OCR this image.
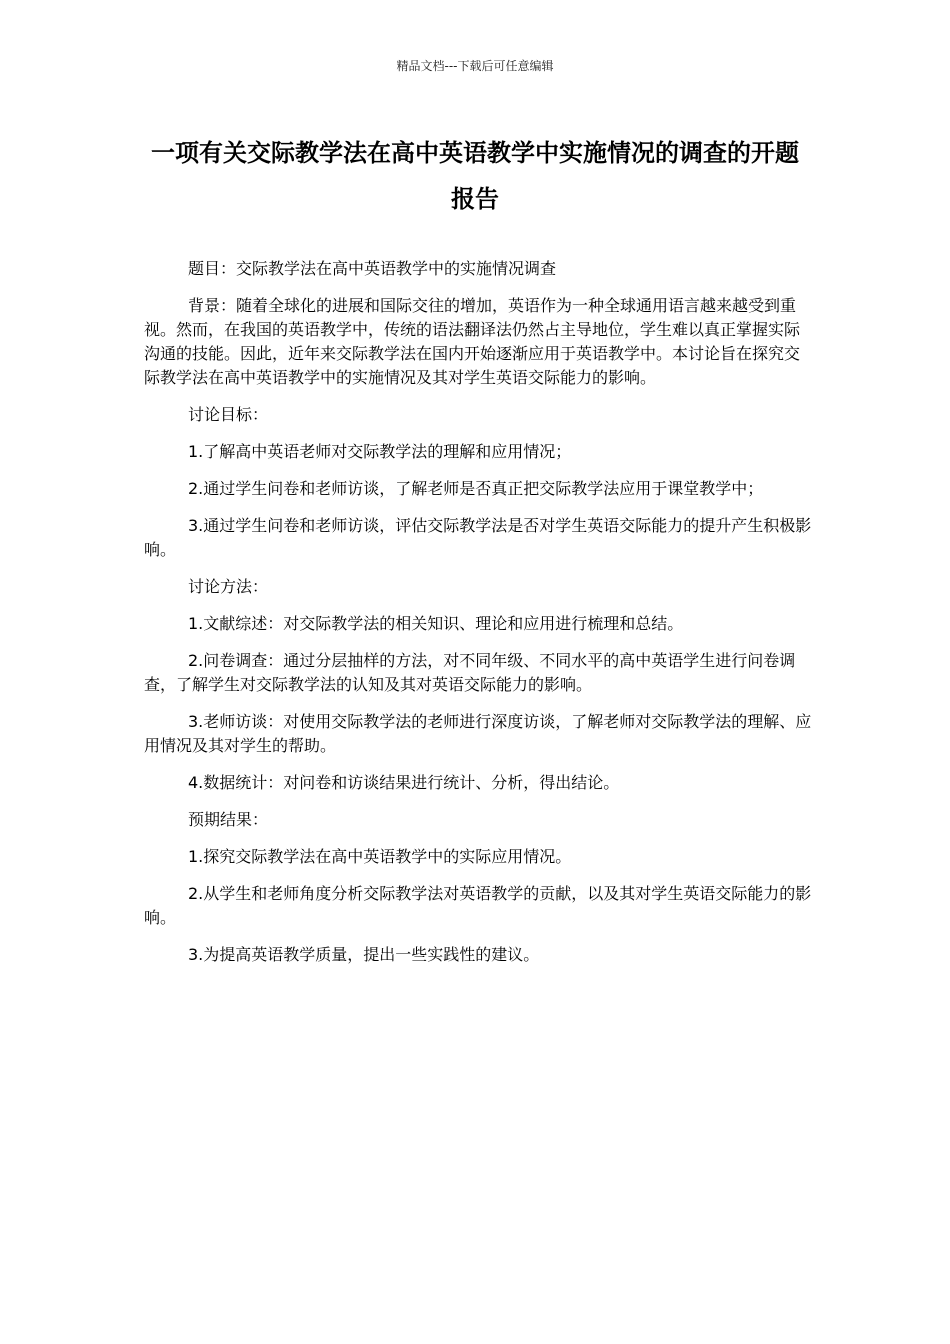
精品文档---下载后可任意编辑
一项有关交际教学法在高中英语教学中实施情况的调查的开题报告

题目：交际教学法在高中英语教学中的实施情况调查

背景：随着全球化的进展和国际交往的增加，英语作为一种全球通用语言越来越受到重视。然而，在我国的英语教学中，传统的语法翻译法仍然占主导地位，学生难以真正掌握实际沟通的技能。因此，近年来交际教学法在国内开始逐渐应用于英语教学中。本讨论旨在探究交际教学法在高中英语教学中的实施情况及其对学生英语交际能力的影响。

讨论目标：

1.了解高中英语老师对交际教学法的理解和应用情况；

2.通过学生问卷和老师访谈，了解老师是否真正把交际教学法应用于课堂教学中；

3.通过学生问卷和老师访谈，评估交际教学法是否对学生英语交际能力的提升产生积极影响。

讨论方法：

1.文献综述：对交际教学法的相关知识、理论和应用进行梳理和总结。

2.问卷调查：通过分层抽样的方法，对不同年级、不同水平的高中英语学生进行问卷调查，了解学生对交际教学法的认知及其对英语交际能力的影响。

3.老师访谈：对使用交际教学法的老师进行深度访谈，了解老师对交际教学法的理解、应用情况及其对学生的帮助。

4.数据统计：对问卷和访谈结果进行统计、分析，得出结论。

预期结果：

1.探究交际教学法在高中英语教学中的实际应用情况。

2.从学生和老师角度分析交际教学法对英语教学的贡献，以及其对学生英语交际能力的影响。

3.为提高英语教学质量，提出一些实践性的建议。
